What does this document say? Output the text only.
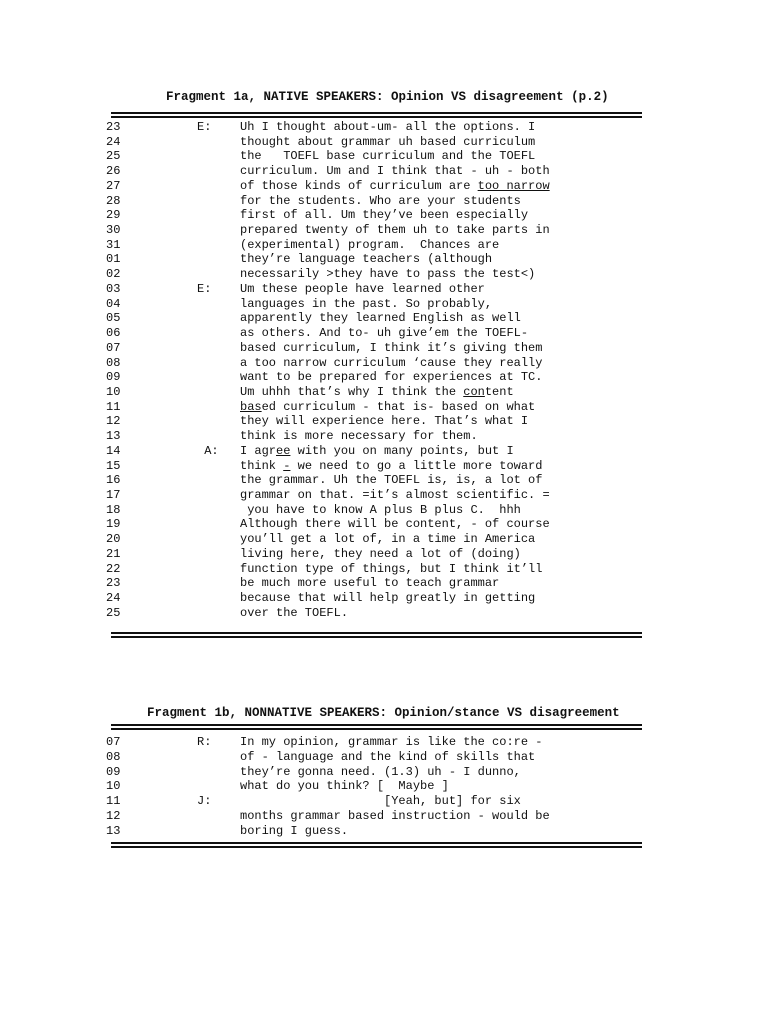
Fragment 1a, NATIVE SPEAKERS: Opinion VS disagreement (p.2)
23	E: Uh I thought about-um- all the options. I
24	thought about grammar uh based curriculum
25	the   TOEFL base curriculum and the TOEFL
26	curriculum. Um and I think that - uh - both
27	of those kinds of curriculum are too narrow
28	for the students. Who are your students
29	first of all. Um they’ve been especially
30	prepared twenty of them uh to take parts in
31	(experimental) program.  Chances are
01	they’re language teachers (although
02	necessarily >they have to pass the test<)
03	E: Um these people have learned other
04	languages in the past. So probably,
05	apparently they learned English as well
06	as others. And to- uh give’em the TOEFL-
07	based curriculum, I think it’s giving them
08	a too narrow curriculum ‘cause they really
09	want to be prepared for experiences at TC.
10	Um uhhh that’s why I think the content
11	based curriculum - that is- based on what
12	they will experience here. That’s what I
13	think is more necessary for them.
14	A: I agree with you on many points, but I
15	think - we need to go a little more toward
16	the grammar. Uh the TOEFL is, is, a lot of
17	grammar on that. =it’s almost scientific. =
18	you have to know A plus B plus C.  hhh
19	Although there will be content, - of course
20	you’ll get a lot of, in a time in America
21	living here, they need a lot of (doing)
22	function type of things, but I think it’ll
23	be much more useful to teach grammar
24	because that will help greatly in getting
25	over the TOEFL.
Fragment 1b, NONNATIVE SPEAKERS: Opinion/stance VS disagreement
07	R: In my opinion, grammar is like the co:re -
08	of - language and the kind of skills that
09	they’re gonna need. (1.3) uh - I dunno,
10	what do you think? [  Maybe ]
11	J: [Yeah, but] for six
12	months grammar based instruction - would be
13	boring I guess.
